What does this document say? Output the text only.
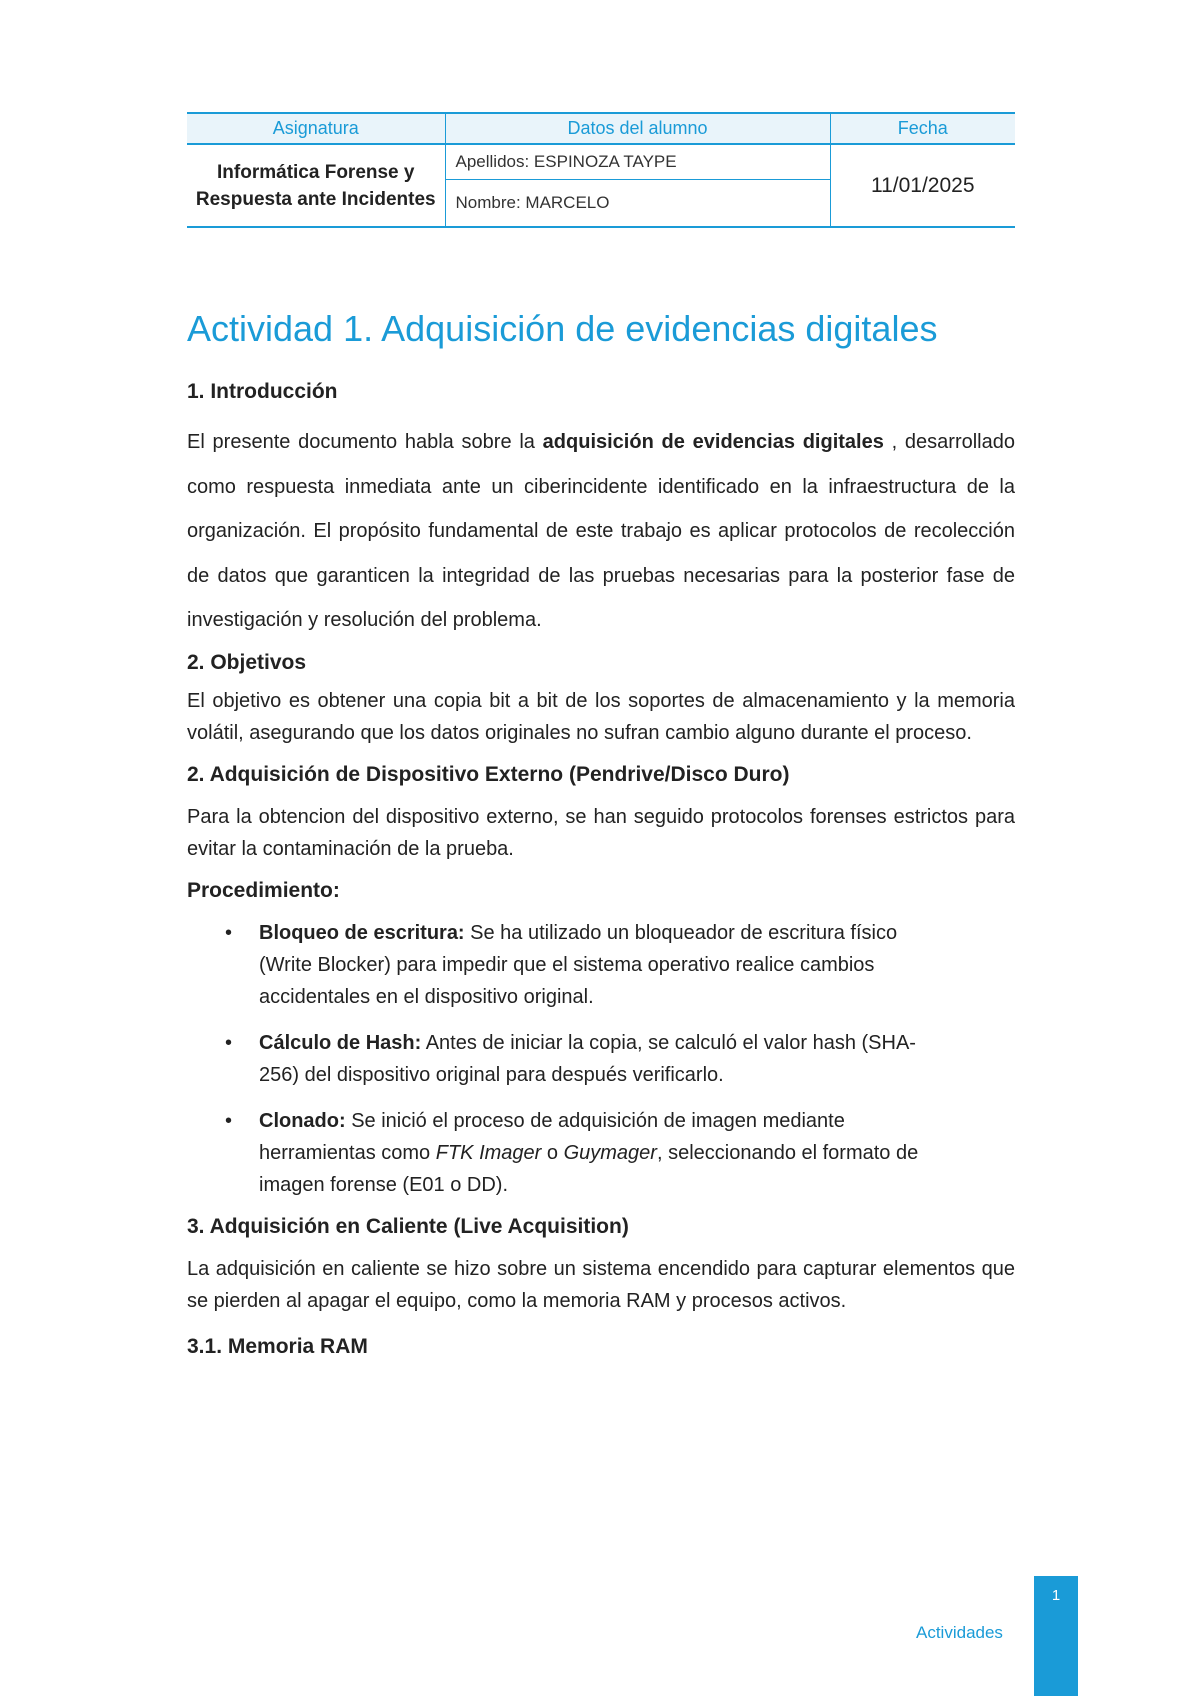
Asignatura	Datos del alumno	Fecha
Informática Forense y Respuesta ante Incidentes	Apellidos: ESPINOZA TAYPE	11/01/2025
	Nombre: MARCELO	
Actividad 1. Adquisición de evidencias digitales
1. Introducción

El presente documento habla sobre la adquisición de evidencias digitales , desarrollado como respuesta inmediata ante un ciberincidente identificado en la infraestructura de la organización. El propósito fundamental de este trabajo es aplicar protocolos de recolección de datos que garanticen la integridad de las pruebas necesarias para la posterior fase de investigación y resolución del problema.

2. Objetivos

El objetivo es obtener una copia bit a bit de los soportes de almacenamiento y la memoria volátil, asegurando que los datos originales no sufran cambio alguno durante el proceso.

2. Adquisición de Dispositivo Externo (Pendrive/Disco Duro)

Para la obtencion del dispositivo externo, se han seguido protocolos forenses estrictos para evitar la contaminación de la prueba.

Procedimiento:
• Bloqueo de escritura: Se ha utilizado un bloqueador de escritura físico (Write Blocker) para impedir que el sistema operativo realice cambios accidentales en el dispositivo original.
• Cálculo de Hash: Antes de iniciar la copia, se calculó el valor hash (SHA-256) del dispositivo original para después verificarlo.
• Clonado: Se inició el proceso de adquisición de imagen mediante herramientas como FTK Imager o Guymager, seleccionando el formato de imagen forense (E01 o DD).
3. Adquisición en Caliente (Live Acquisition)

La adquisición en caliente se hizo sobre un sistema encendido para capturar elementos que se pierden al apagar el equipo, como la memoria RAM y procesos activos.

3.1. Memoria RAM
Actividades
1
